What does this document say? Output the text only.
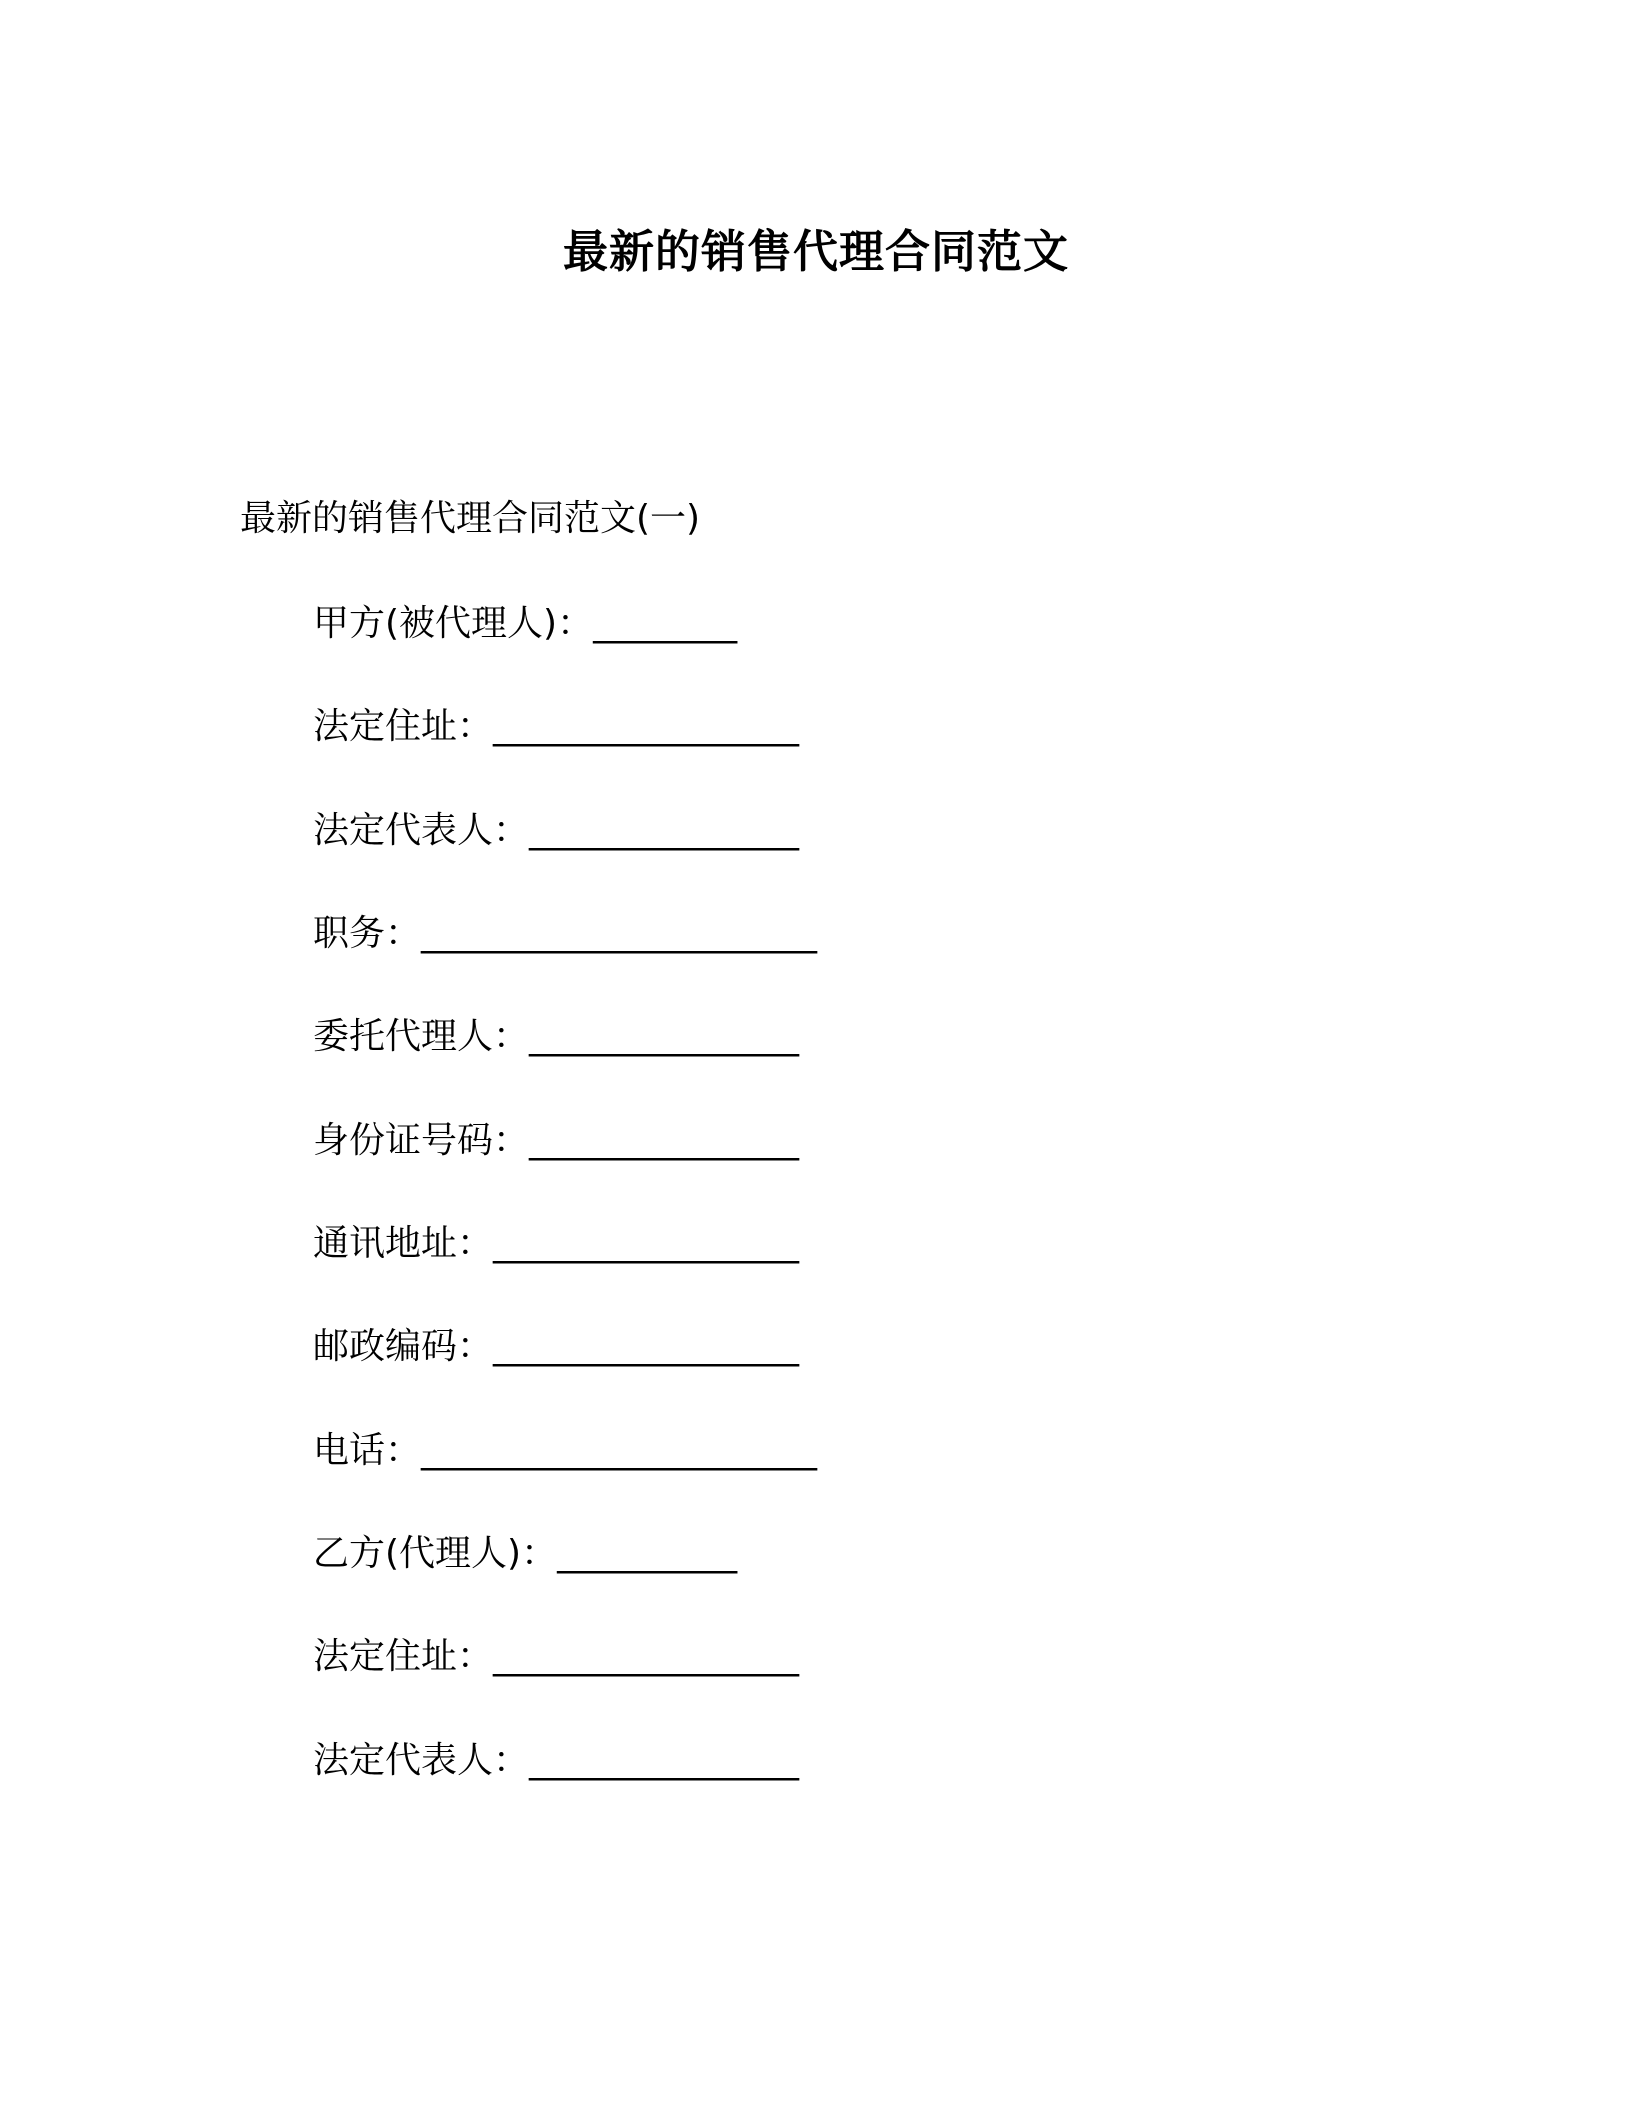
最新的销售代理合同范文
最新的销售代理合同范文(一)
甲方(被代理人)：________
法定住址：_________________
法定代表人：_______________
职务：______________________
委托代理人：_______________
身份证号码：_______________
通讯地址：_________________
邮政编码：_________________
电话：______________________
乙方(代理人)：__________
法定住址：_________________
法定代表人：_______________
